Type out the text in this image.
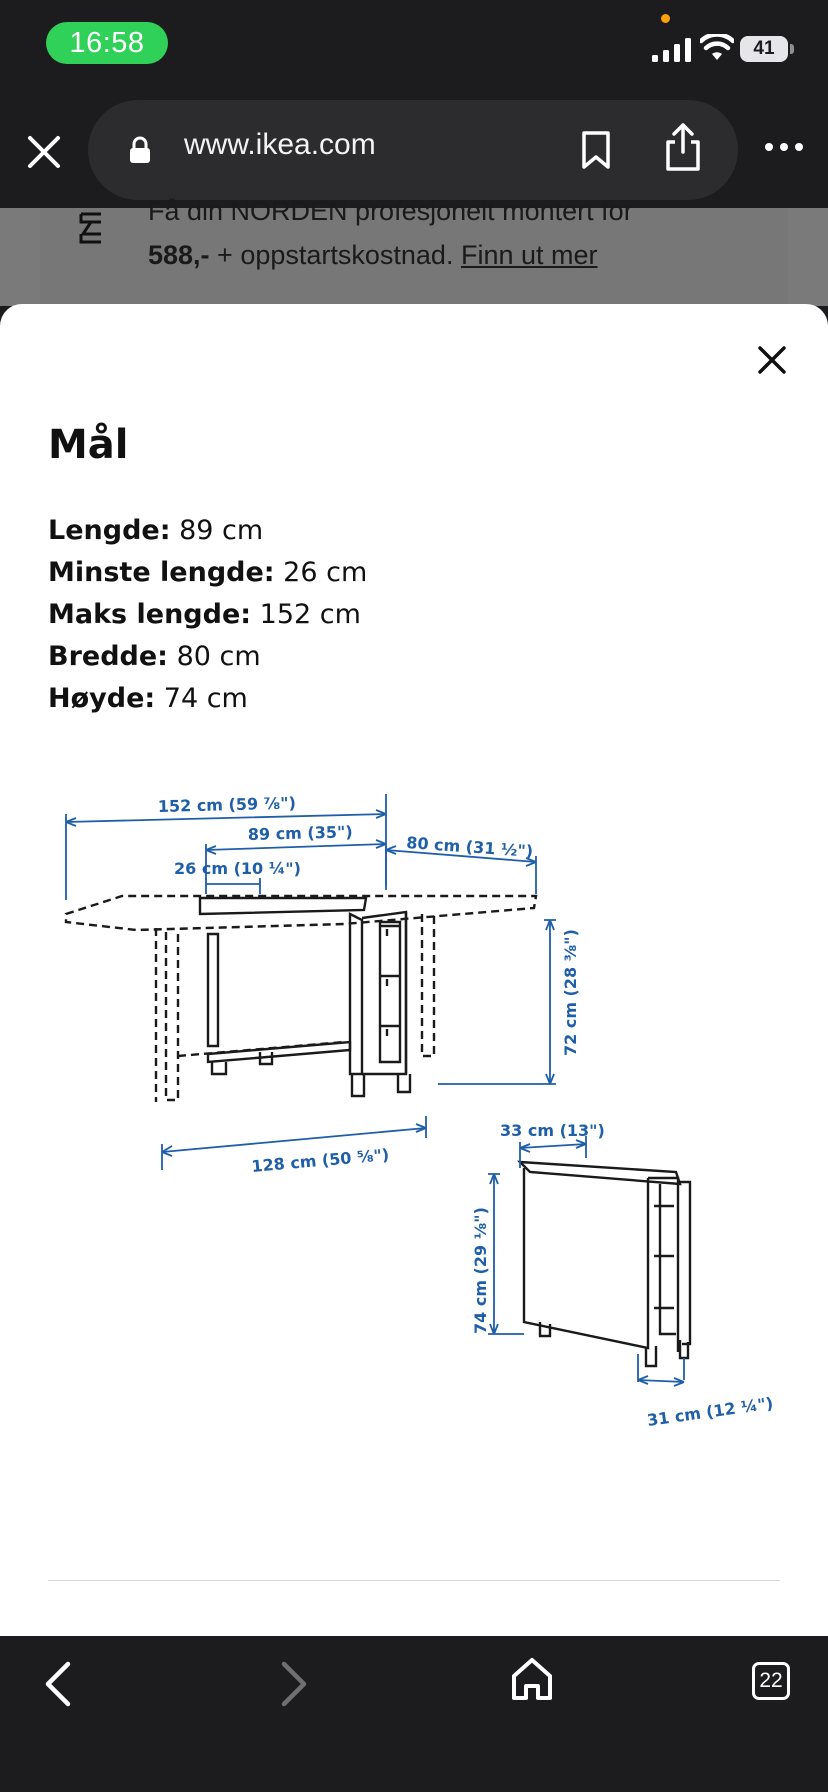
16:58	41
www.ikea.com
Få din NORDEN profesjonelt montert for
588,- + oppstartskostnad. Finn ut mer
Mål
Lengde: 89 cm
Minste lengde: 26 cm
Maks lengde: 152 cm
Bredde: 80 cm
Høyde: 74 cm
152 cm (59 ⅞")
89 cm (35")	80 cm (31 ½")
26 cm (10 ¼")
72 cm (28 ⅜")
128 cm (50 ⅝")
33 cm (13")
74 cm (29 ⅛")
31 cm (12 ¼")
22
